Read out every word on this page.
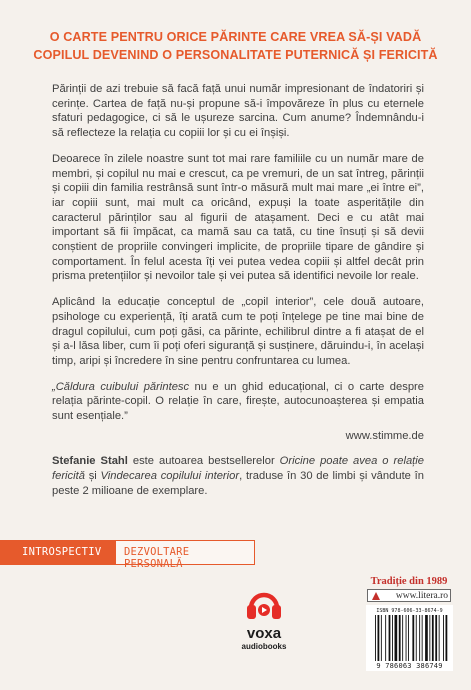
O CARTE PENTRU ORICE PĂRINTE CARE VREA SĂ-ȘI VADĂ
COPILUL DEVENIND O PERSONALITATE PUTERNICĂ ȘI FERICITĂ

Părinții de azi trebuie să facă față unui număr impresionant de îndatoriri și cerințe. Cartea de față nu-și propune să-i împovăreze în plus cu eternele sfaturi pedagogice, ci să le ușureze sarcina. Cum anume? Îndemnându-i să reflecteze la relația cu copiii lor și cu ei înșiși.

Deoarece în zilele noastre sunt tot mai rare familiile cu un număr mare de membri, și copilul nu mai e crescut, ca pe vremuri, de un sat întreg, părinții și copiii din familia restrânsă sunt într-o măsură mult mai mare „ei între ei”, iar copiii sunt, mai mult ca oricând, expuși la toate asperitățile din caracterul părinților sau al figurii de atașament. Deci e cu atât mai important să fii împăcat, ca mamă sau ca tată, cu tine însuți și să devii conștient de propriile convingeri implicite, de propriile tipare de gândire și comportament. În felul acesta îți vei putea vedea copiii și altfel decât prin prisma pretențiilor și nevoilor tale și vei putea să identifici nevoile lor reale.

Aplicând la educație conceptul de „copil interior”, cele două autoare, psihologe cu experiență, îți arată cum te poți înțelege pe tine mai bine de dragul copilului, cum poți găsi, ca părinte, echilibrul dintre a fi atașat de el și a-l lăsa liber, cum îi poți oferi siguranță și susținere, dăruindu-i, în același timp, aripi și încredere în sine pentru confruntarea cu lumea.

„Căldura cuibului părintesc nu e un ghid educațional, ci o carte despre relația părinte-copil. O relație în care, firește, autocunoașterea și empatia sunt esențiale.”

www.stimme.de

Stefanie Stahl este autoarea bestsellerelor Oricine poate avea o relație fericită și Vindecarea copilului interior, traduse în 30 de limbi și vândute în peste 2 milioane de exemplare.

INTROSPECTIV DEZVOLTARE PERSONALĂ
voxa
audiobooks
Tradiție din 1989
www.litera.ro
ISBN 978-606-33-8674-9
9 786063 386749
